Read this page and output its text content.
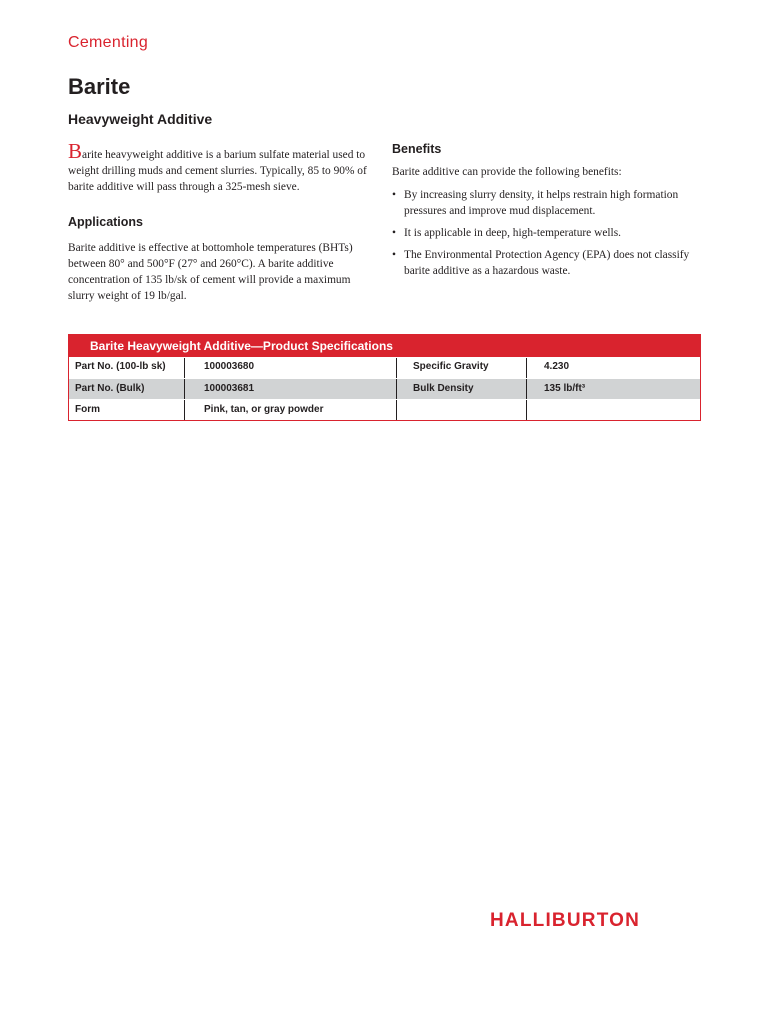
Cementing
Barite
Heavyweight Additive

Barite heavyweight additive is a barium sulfate material used to weight drilling muds and cement slurries. Typically, 85 to 90% of barite additive will pass through a 325-mesh sieve.

Applications

Barite additive is effective at bottomhole temperatures (BHTs) between 80° and 500°F (27° and 260°C). A barite additive concentration of 135 lb/sk of cement will provide a maximum slurry weight of 19 lb/gal.

Benefits

Barite additive can provide the following benefits:

• By increasing slurry density, it helps restrain high formation pressures and improve mud displacement.
• It is applicable in deep, high-temperature wells.
• The Environmental Protection Agency (EPA) does not classify barite additive as a hazardous waste.
Barite Heavyweight Additive—Product Specifications
Part No. (100-lb sk)	100003680	Specific Gravity	4.230
Part No. (Bulk)	100003681	Bulk Density	135 lb/ft³
Form	Pink, tan, or gray powder
HALLIBURTON
